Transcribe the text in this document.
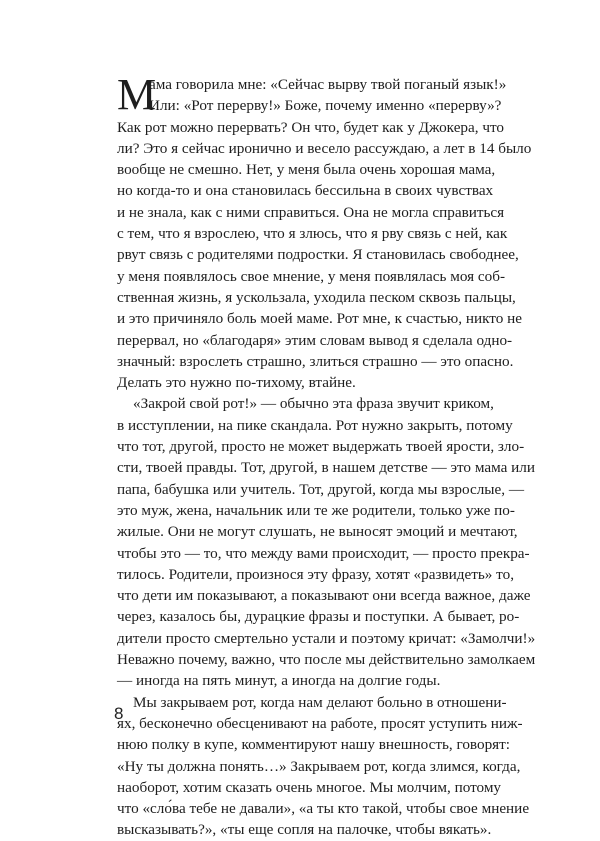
М
ама говорила мне: «Сейчас вырву твой поганый язык!»
Или: «Рот перерву!» Боже, почему именно «перерву»?
Как рот можно перервать? Он что, будет как у Джокера, что
ли? Это я сейчас иронично и весело рассуждаю, а лет в 14 было
вообще не смешно. Нет, у меня была очень хорошая мама,
но когда-то и она становилась бессильна в своих чувствах
и не знала, как с ними справиться. Она не могла справиться
с тем, что я взрослею, что я злюсь, что я рву связь с ней, как
рвут связь с родителями подростки. Я становилась свободнее,
у меня появлялось свое мнение, у меня появлялась моя соб-
ственная жизнь, я ускользала, уходила песком сквозь пальцы,
и это причиняло боль моей маме. Рот мне, к счастью, никто не
перервал, но «благодаря» этим словам вывод я сделала одно-
значный: взрослеть страшно, злиться страшно — это опасно.
Делать это нужно по-тихому, втайне.
«Закрой свой рот!» — обычно эта фраза звучит криком,
в исступлении, на пике скандала. Рот нужно закрыть, потому
что тот, другой, просто не может выдержать твоей ярости, зло-
сти, твоей правды. Тот, другой, в нашем детстве — это мама или
папа, бабушка или учитель. Тот, другой, когда мы взрослые, —
это муж, жена, начальник или те же родители, только уже по-
жилые. Они не могут слушать, не выносят эмоций и мечтают,
чтобы это — то, что между вами происходит, — просто прекра-
тилось. Родители, произнося эту фразу, хотят «развидеть» то,
что дети им показывают, а показывают они всегда важное, даже
через, казалось бы, дурацкие фразы и поступки. А бывает, ро-
дители просто смертельно устали и поэтому кричат: «Замолчи!»
Неважно почему, важно, что после мы действительно замолкаем
— иногда на пять минут, а иногда на долгие годы.
Мы закрываем рот, когда нам делают больно в отношени-
ях, бесконечно обесценивают на работе, просят уступить ниж-
нюю полку в купе, комментируют нашу внешность, говорят:
«Ну ты должна понять…» Закрываем рот, когда злимся, когда,
наоборот, хотим сказать очень многое. Мы молчим, потому
что «сло́ва тебе не давали», «а ты кто такой, чтобы свое мнение
высказывать?», «ты еще сопля на палочке, чтобы вякать».
8
